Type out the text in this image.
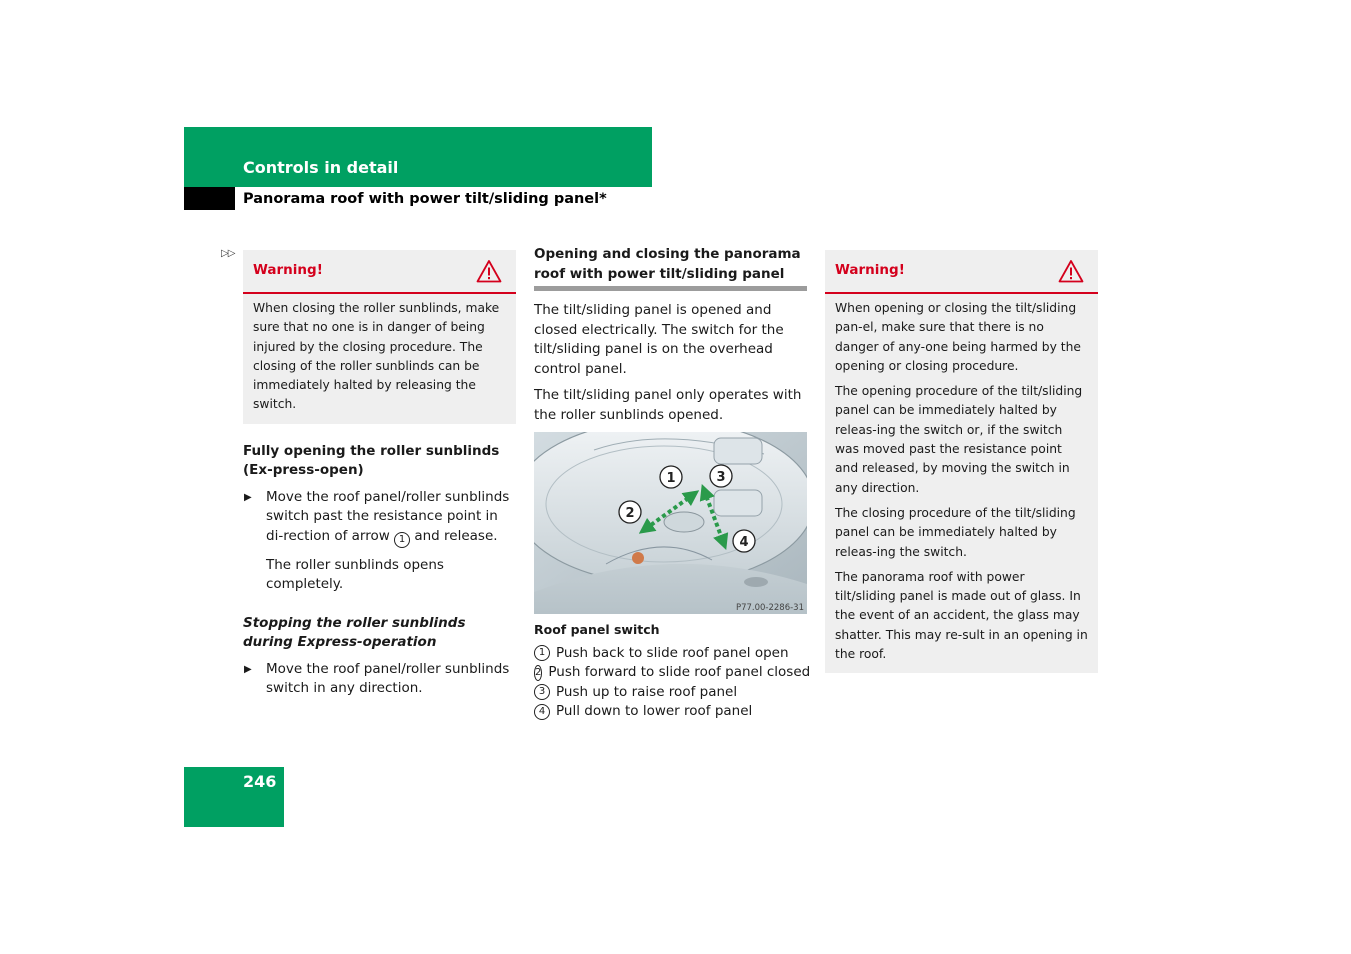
Controls in detail
Panorama roof with power tilt/sliding panel*
▷▷
Warning!

When closing the roller sunblinds, make sure that no one is in danger of being injured by the closing procedure. The closing of the roller sunblinds can be immediately halted by releasing the switch.

Fully opening the roller sunblinds (Ex-press-open)
▶ Move the roof panel/roller sunblinds switch past the resistance point in di-rection of arrow 1 and release.
The roller sunblinds opens completely.
Stopping the roller sunblinds during Express-operation
▶ Move the roof panel/roller sunblinds switch in any direction.
Opening and closing the panorama roof with power tilt/sliding panel

The tilt/sliding panel is opened and closed electrically. The switch for the tilt/sliding panel is on the overhead control panel.

The tilt/sliding panel only operates with the roller sunblinds opened.

1
2
3
4
P77.00-2286-31
Roof panel switch
1 Push back to slide roof panel open
2 Push forward to slide roof panel closed
3 Push up to raise roof panel
4 Pull down to lower roof panel
Warning!

When opening or closing the tilt/sliding pan-el, make sure that there is no danger of any-one being harmed by the opening or closing procedure.

The opening procedure of the tilt/sliding panel can be immediately halted by releas-ing the switch or, if the switch was moved past the resistance point and released, by moving the switch in any direction.

The closing procedure of the tilt/sliding panel can be immediately halted by releas-ing the switch.

The panorama roof with power tilt/sliding panel is made out of glass. In the event of an accident, the glass may shatter. This may re-sult in an opening in the roof.

246
